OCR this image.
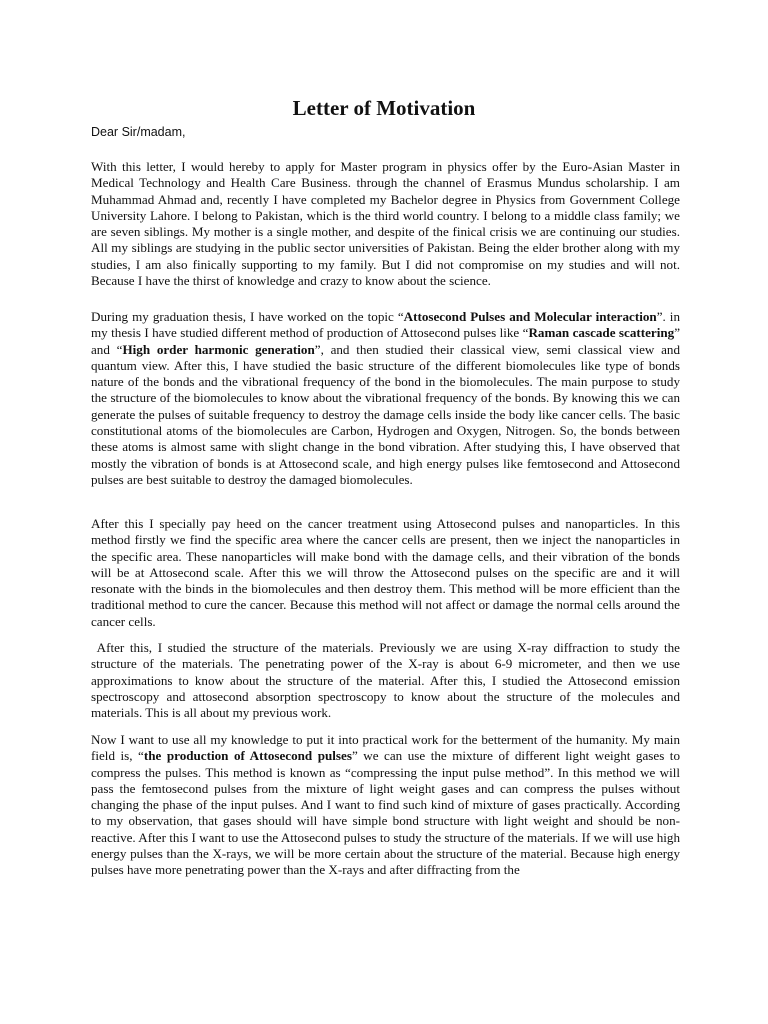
Letter of Motivation
Dear Sir/madam,

With this letter, I would hereby to apply for Master program in physics offer by the Euro-Asian Master in Medical Technology and Health Care Business. through the channel of Erasmus Mundus scholarship. I am Muhammad Ahmad and, recently I have completed my Bachelor degree in Physics from Government College University Lahore. I belong to Pakistan, which is the third world country. I belong to a middle class family; we are seven siblings. My mother is a single mother, and despite of the finical crisis we are continuing our studies. All my siblings are studying in the public sector universities of Pakistan. Being the elder brother along with my studies, I am also finically supporting to my family. But I did not compromise on my studies and will not. Because I have the thirst of knowledge and crazy to know about the science.

During my graduation thesis, I have worked on the topic “Attosecond Pulses and Molecular interaction”. in my thesis I have studied different method of production of Attosecond pulses like “Raman cascade scattering” and “High order harmonic generation”, and then studied their classical view, semi classical view and quantum view. After this, I have studied the basic structure of the different biomolecules like type of bonds nature of the bonds and the vibrational frequency of the bond in the biomolecules. The main purpose to study the structure of the biomolecules to know about the vibrational frequency of the bonds. By knowing this we can generate the pulses of suitable frequency to destroy the damage cells inside the body like cancer cells. The basic constitutional atoms of the biomolecules are Carbon, Hydrogen and Oxygen, Nitrogen. So, the bonds between these atoms is almost same with slight change in the bond vibration. After studying this, I have observed that mostly the vibration of bonds is at Attosecond scale, and high energy pulses like femtosecond and Attosecond pulses are best suitable to destroy the damaged biomolecules.

After this I specially pay heed on the cancer treatment using Attosecond pulses and nanoparticles. In this method firstly we find the specific area where the cancer cells are present, then we inject the nanoparticles in the specific area. These nanoparticles will make bond with the damage cells, and their vibration of the bonds will be at Attosecond scale. After this we will throw the Attosecond pulses on the specific are and it will resonate with the binds in the biomolecules and then destroy them. This method will be more efficient than the traditional method to cure the cancer. Because this method will not affect or damage the normal cells around the cancer cells.

After this, I studied the structure of the materials. Previously we are using X-ray diffraction to study the structure of the materials. The penetrating power of the X-ray is about 6-9 micrometer, and then we use approximations to know about the structure of the material. After this, I studied the Attosecond emission spectroscopy and attosecond absorption spectroscopy to know about the structure of the molecules and materials. This is all about my previous work.

Now I want to use all my knowledge to put it into practical work for the betterment of the humanity. My main field is, “the production of Attosecond pulses” we can use the mixture of different light weight gases to compress the pulses. This method is known as “compressing the input pulse method”. In this method we will pass the femtosecond pulses from the mixture of light weight gases and can compress the pulses without changing the phase of the input pulses. And I want to find such kind of mixture of gases practically. According to my observation, that gases should will have simple bond structure with light weight and should be non-reactive. After this I want to use the Attosecond pulses to study the structure of the materials. If we will use high energy pulses than the X-rays, we will be more certain about the structure of the material. Because high energy pulses have more penetrating power than the X-rays and after diffracting from the
